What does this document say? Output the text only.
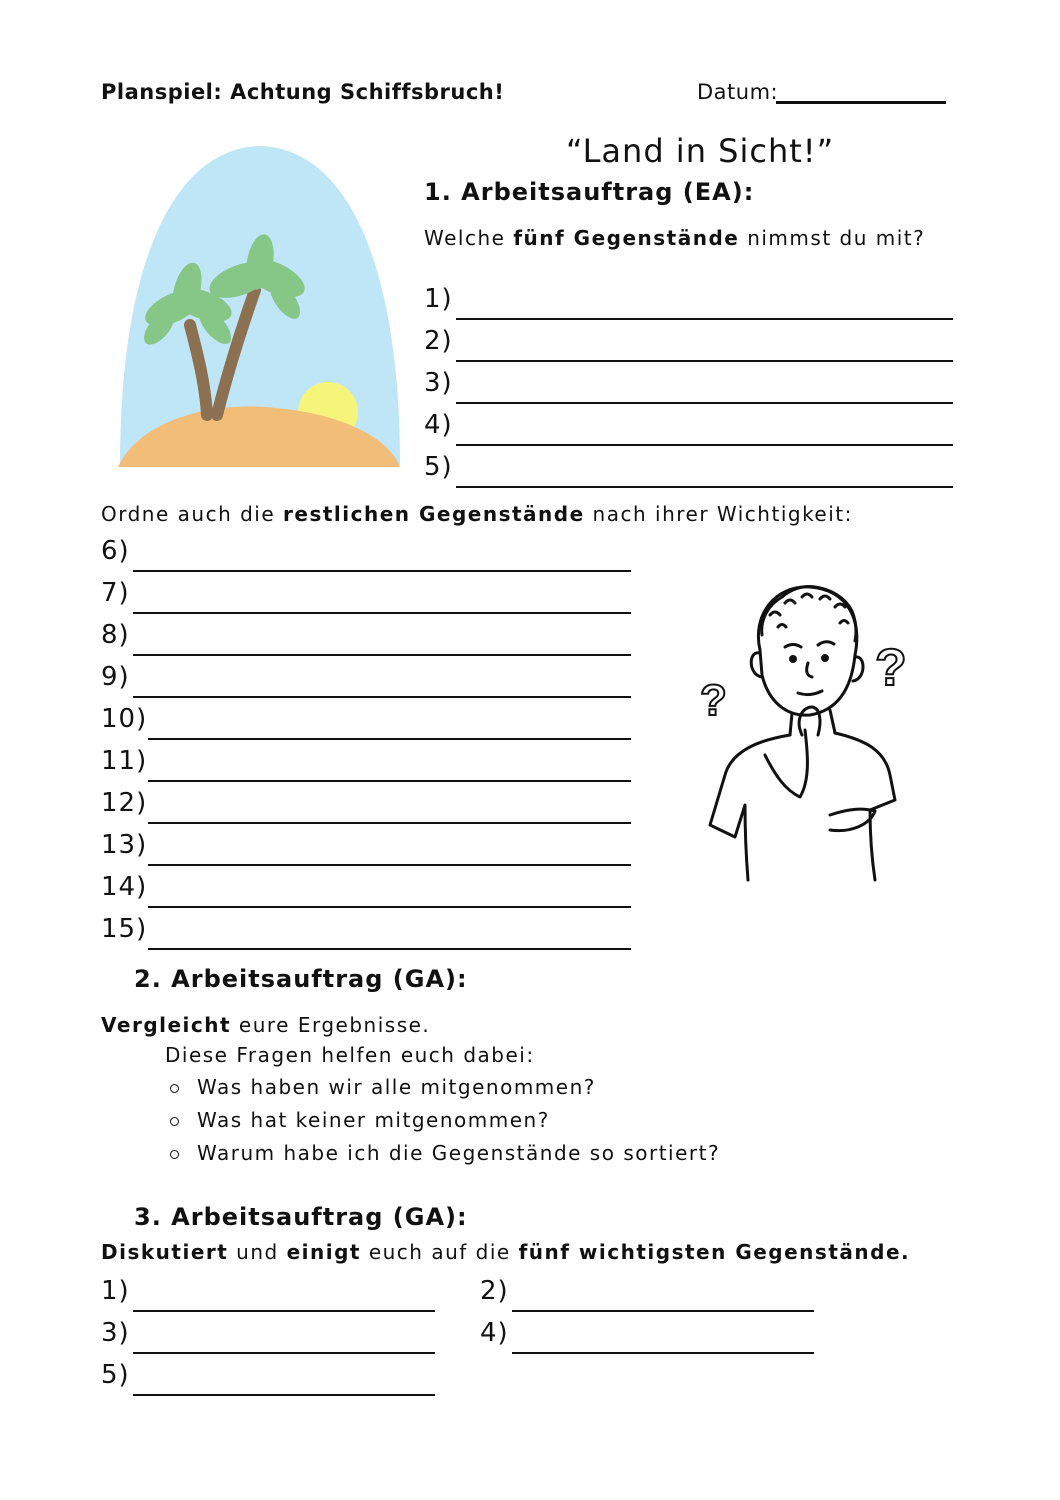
Planspiel: Achtung Schiffsbruch!	Datum:
“Land in Sicht!”
1. Arbeitsauftrag (EA):
Welche fünf Gegenstände nimmst du mit?
1)
2)
3)
4)
5)
Ordne auch die restlichen Gegenstände nach ihrer Wichtigkeit:
6)
7)
8)
9)
10)
11)
12)
13)
14)
15)
?
?
2. Arbeitsauftrag (GA):
Vergleicht eure Ergebnisse.
Diese Fragen helfen euch dabei:
Was haben wir alle mitgenommen?
Was hat keiner mitgenommen?
Warum habe ich die Gegenstände so sortiert?
3. Arbeitsauftrag (GA):
Diskutiert und einigt euch auf die fünf wichtigsten Gegenstände.
1)	2)
3)	4)
5)
